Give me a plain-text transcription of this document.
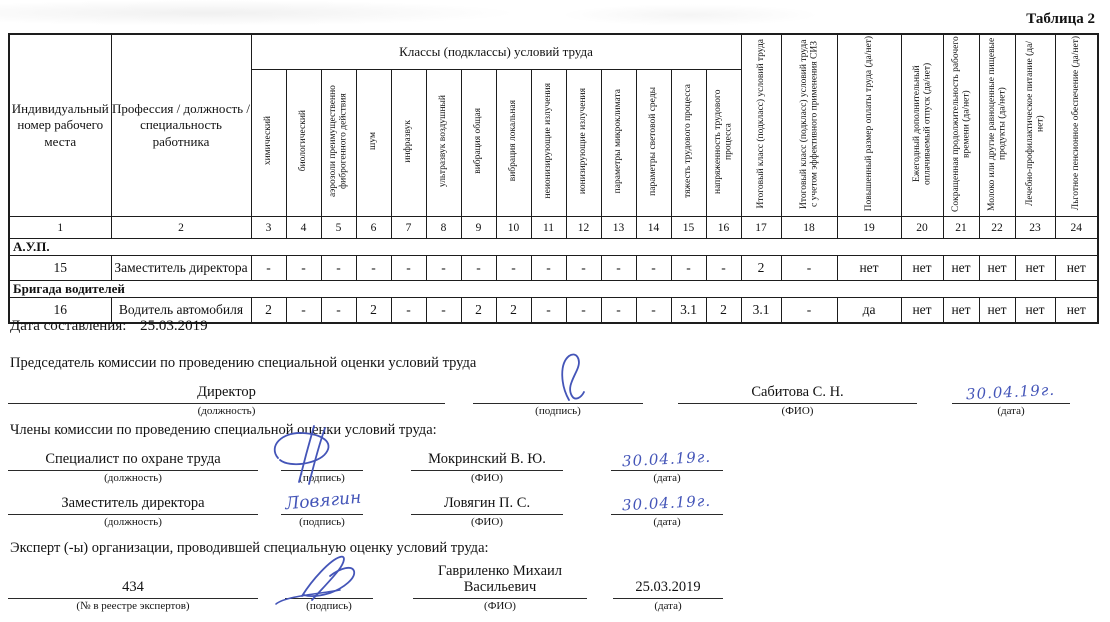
Таблица 2
Индивидуальный номер рабочего места	Профессия / должность / специальность работника	Классы (подклассы) условий труда														Итоговый класс (подкласс) условий труда	Итоговый класс (подкласс) условий труда с учетом эффективного применения СИЗ	Повышенный размер оплаты труда (да/нет)	Ежегодный дополнительный оплачиваемый отпуск (да/нет)	Сокращенная продолжительность рабочего времени (да/нет)	Молоко или другие равноценные пищевые продукты (да/нет)	Лечебно-профилактическое питание (да/нет)	Льготное пенсионное обеспечение (да/нет)
		химический	биологический	аэрозоли преимущественно фиброгенного действия	шум	инфразвук	ультразвук воздушный	вибрация общая	вибрация локальная	неионизирующие излучения	ионизирующие излучения	параметры микроклимата	параметры световой среды	тяжесть трудового процесса	напряженность трудового процесса								
1	2	3	4	5	6	7	8	9	10	11	12	13	14	15	16	17	18	19	20	21	22	23	24
А.У.П.																							
15	Заместитель директора	-	-	-	-	-	-	-	-	-	-	-	-	-	-	2	-	нет	нет	нет	нет	нет	нет
Бригада водителей																							
16	Водитель автомобиля	2	-	-	2	-	-	2	2	-	-	-	-	3.1	2	3.1	-	да	нет	нет	нет	нет	нет
Дата составления: 25.03.2019
Председатель комиссии по проведению специальной оценки условий труда
Директор
(должность)	(подпись)
Сабитова С. Н.
(ФИО)
30.04.19г.
(дата)
Члены комиссии по проведению специальной оценки условий труда:
Специалист по охране труда
(должность)	(подпись)
Мокринский В. Ю.
(ФИО)
30.04.19г.
(дата)
Заместитель директора
(должность)	(подпись)
Ловягин	Ловягин П. С.
(ФИО)
30.04.19г.
(дата)
Эксперт (-ы) организации, проводившей специальную оценку условий труда:
434
(№ в реестре экспертов)	(подпись)
Гавриленко Михаил Васильевич
(ФИО)
25.03.2019
(дата)
